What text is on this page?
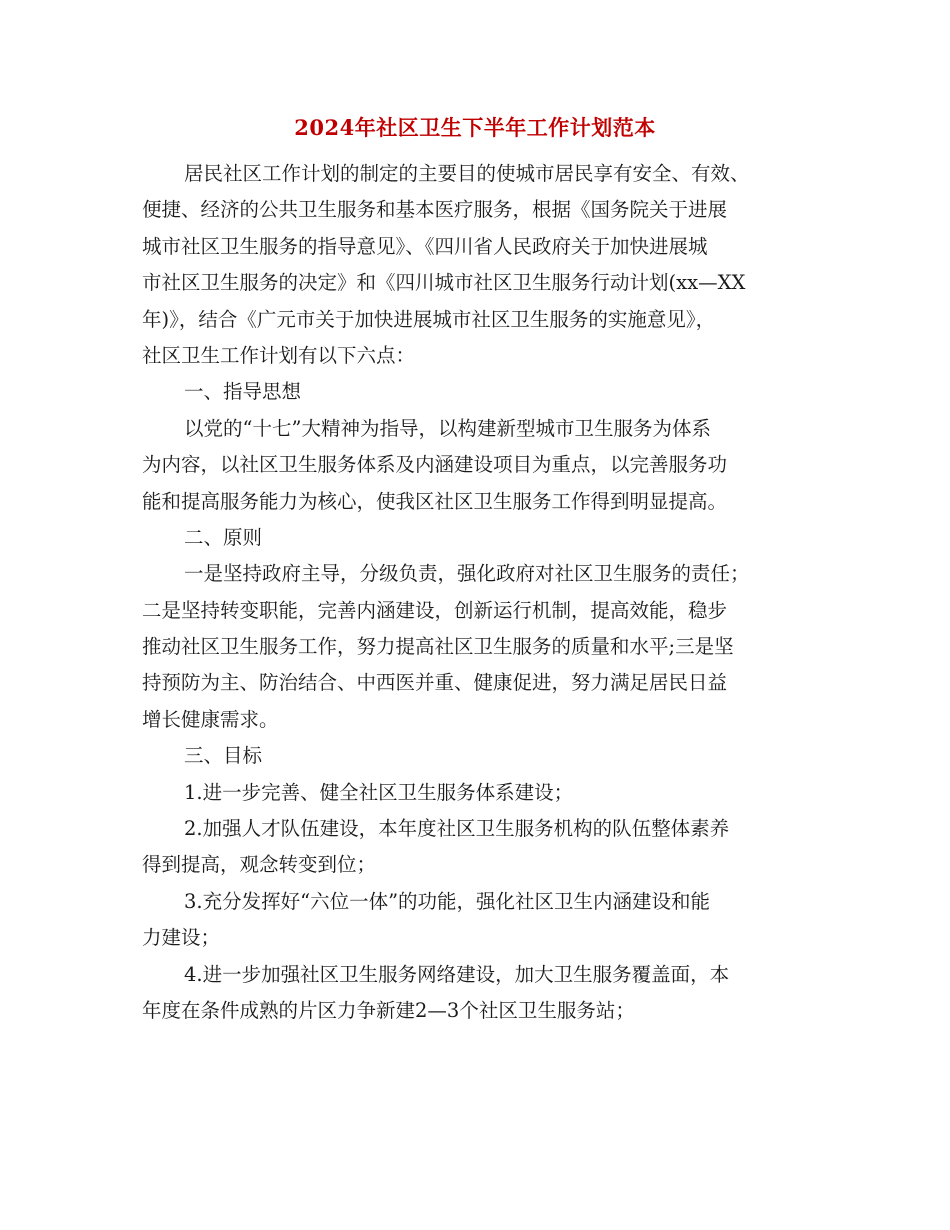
2024年社区卫生下半年工作计划范本
居民社区工作计划的制定的主要目的使城市居民享有安全、有效、
便捷、经济的公共卫生服务和基本医疗服务，根据《国务院关于进展
城市社区卫生服务的指导意见》、《四川省人民政府关于加快进展城
市社区卫生服务的决定》和《四川城市社区卫生服务行动计划(xx—XX
年)》，结合《广元市关于加快进展城市社区卫生服务的实施意见》，
社区卫生工作计划有以下六点：
一、指导思想
以党的“十七”大精神为指导，以构建新型城市卫生服务为体系
为内容，以社区卫生服务体系及内涵建设项目为重点，以完善服务功
能和提高服务能力为核心，使我区社区卫生服务工作得到明显提高。
二、原则
一是坚持政府主导，分级负责，强化政府对社区卫生服务的责任；
二是坚持转变职能，完善内涵建设，创新运行机制，提高效能，稳步
推动社区卫生服务工作，努力提高社区卫生服务的质量和水平;三是坚
持预防为主、防治结合、中西医并重、健康促进，努力满足居民日益
增长健康需求。
三、目标
1.进一步完善、健全社区卫生服务体系建设；
2.加强人才队伍建设，本年度社区卫生服务机构的队伍整体素养
得到提高，观念转变到位；
3.充分发挥好“六位一体”的功能，强化社区卫生内涵建设和能
力建设；
4.进一步加强社区卫生服务网络建设，加大卫生服务覆盖面，本
年度在条件成熟的片区力争新建2—3个社区卫生服务站；
